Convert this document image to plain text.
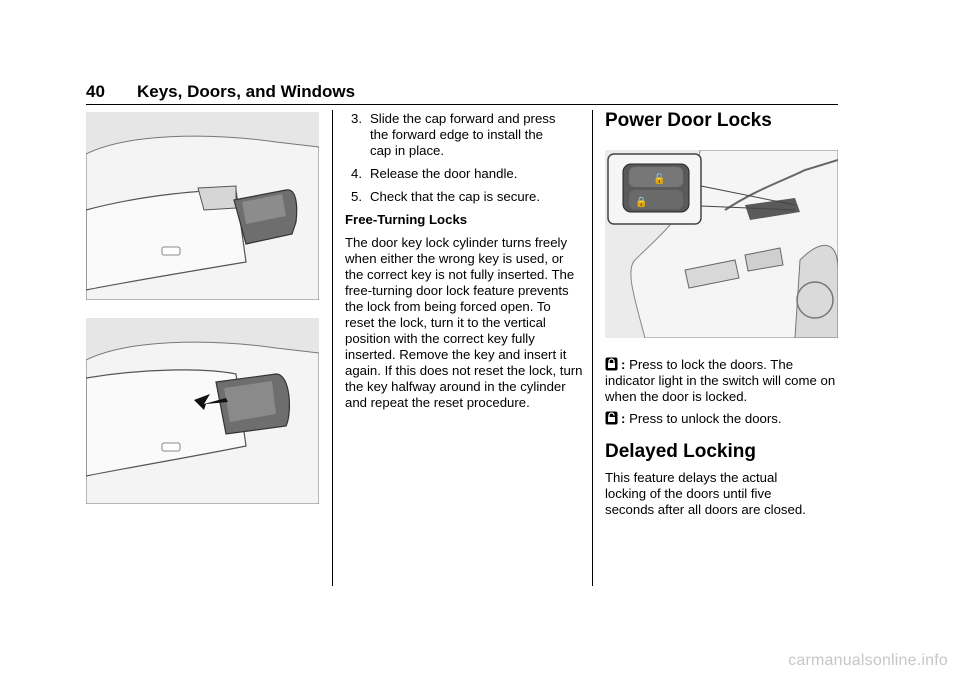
40 Keys, Doors, and Windows
3. Slide the cap forward and press the forward edge to install the cap in place.
4. Release the door handle.
5. Check that the cap is secure.
Free-Turning Locks
The door key lock cylinder turns freely when either the wrong key is used, or the correct key is not fully inserted. The free-turning door lock feature prevents the lock from being forced open. To reset the lock, turn it to the vertical position with the correct key fully inserted. Remove the key and insert it again. If this does not reset the lock, turn the key halfway around in the cylinder and repeat the reset procedure.
Power Door Locks
🔓
🔒
: Press to lock the doors. The indicator light in the switch will come on when the door is locked.
: Press to unlock the doors.
Delayed Locking
This feature delays the actual locking of the doors until five seconds after all doors are closed.
carmanualsonline.info
